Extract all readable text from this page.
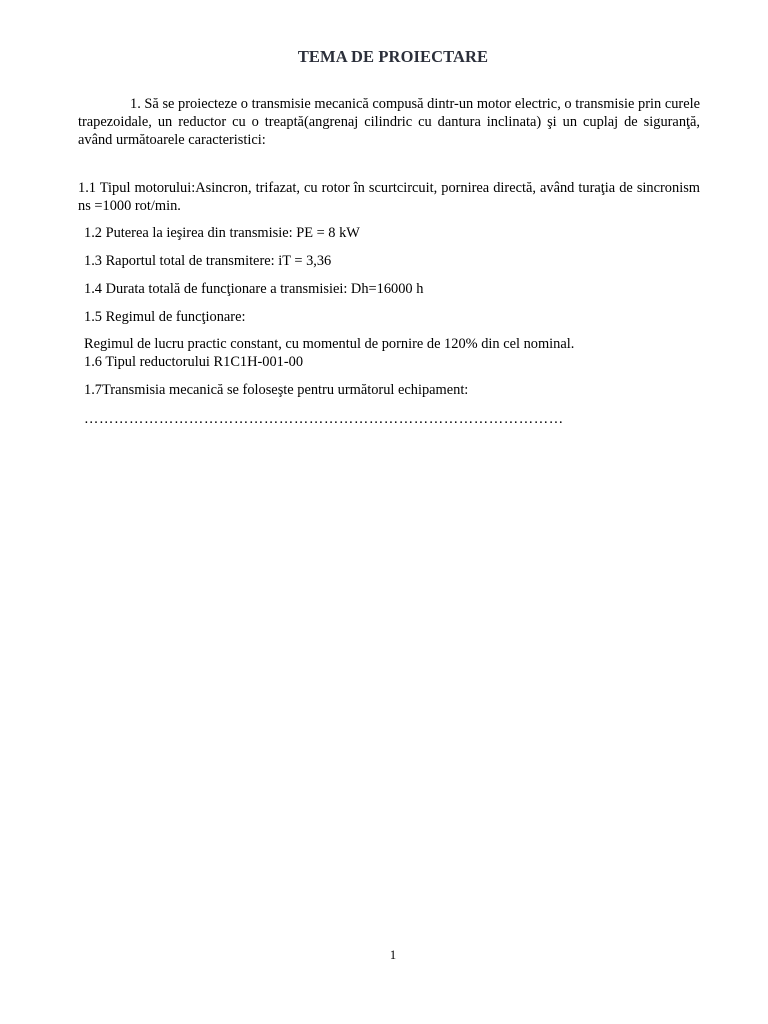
TEMA DE PROIECTARE
1. Să se proiecteze o transmisie mecanică compusă dintr-un motor electric, o transmisie prin curele trapezoidale, un reductor cu o treaptă(angrenaj cilindric cu dantura inclinata) şi un cuplaj de siguranţă, având următoarele caracteristici:
1.1 Tipul motorului:Asincron, trifazat, cu rotor în scurtcircuit, pornirea directă, având turaţia de sincronism ns =1000 rot/min.
1.2 Puterea la ieşirea din transmisie: PE = 8 kW
1.3 Raportul total de transmitere: iT = 3,36
1.4 Durata totală de funcţionare a transmisiei: Dh=16000 h
1.5 Regimul de funcţionare:
Regimul de lucru practic constant, cu momentul de pornire de 120% din cel nominal.
1.6 Tipul reductorului R1C1H-001-00
1.7Transmisia mecanică se foloseşte pentru următorul echipament:
……………………………………………………………………………………
1
